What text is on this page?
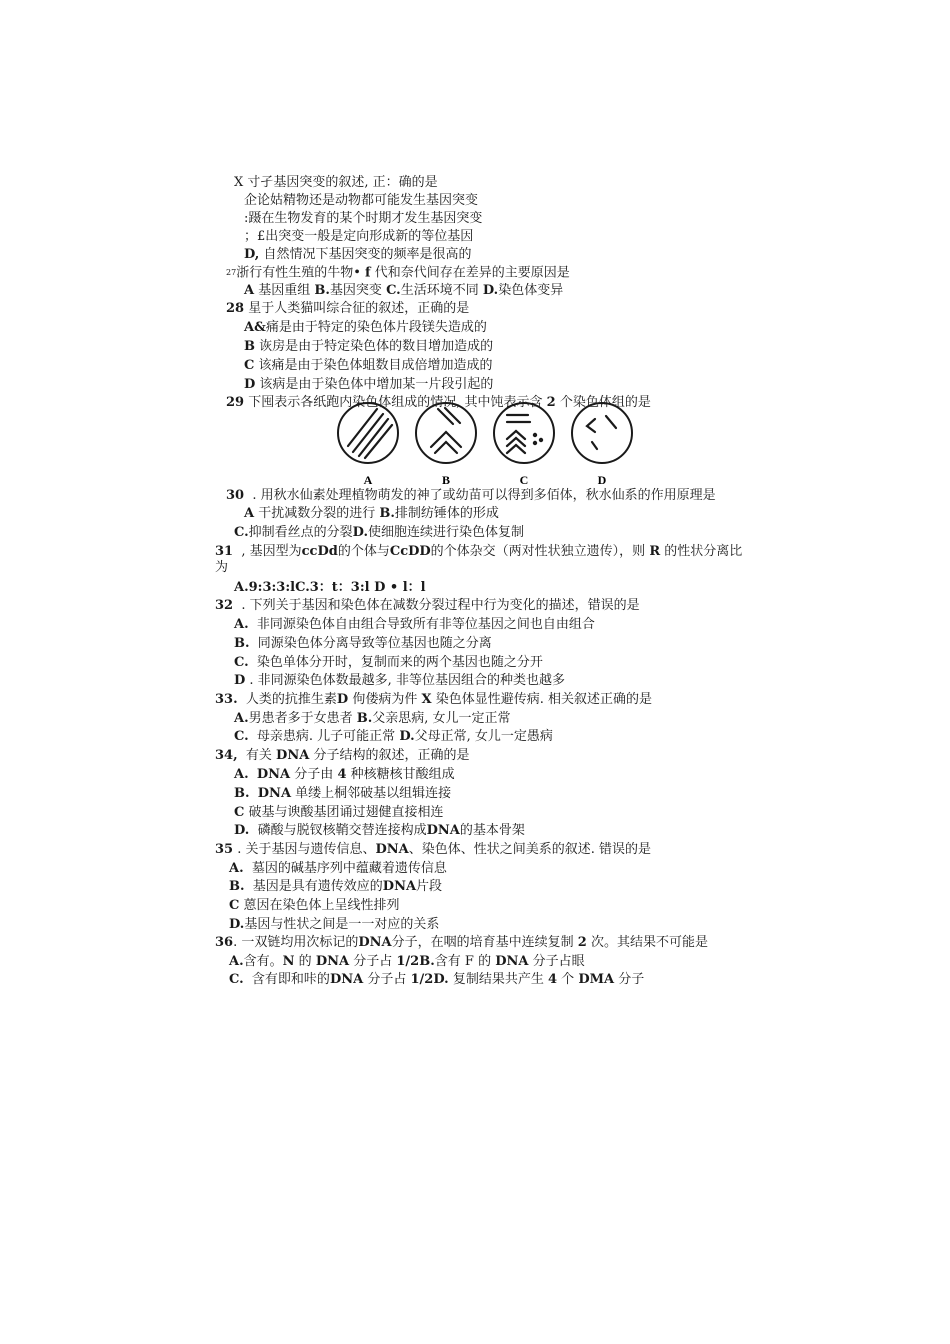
X 寸孑基因突变的叙述, 正：确的是
企论姑精物还是动物都可能发生基因突变
:蹑在生物发育的某个时期才发生基因突变
；£出突变一般是定向形成新的等位基因
D, 自然情况下基因突变的频率是很高的
27浙行有性生殖的牛物• f 代和奈代间存在差异的主要原因是
A 基因重组 B.基因突变 C.生活环境不同 D.染色体变异
28 星于人类猫叫综合征的叙述，正确的是
A&痛是由于特定的染色体片段镁失造成的
B 诙房是由于特定染色体的数目增加造成的
C 该痛是由于染色体蛆数目成倍增加造成的
D 该病是由于染色体中增加某一片段引起的
29 下囤表示各纸跑内染色体组成的情况, 其中饨表示含 2 个染色体组的是
A	B	C	D
30 . 用秋水仙素处理植物萌发的神了或幼苗可以得到多佰体，秋水仙系的作用原理是
A 干扰减数分裂的进行 B.排制纺锤体的形成
C.抑制看丝点的分裂D.使细胞连续进行染色体复制
31 , 基因型为ccDd的个体与CcDD的个体杂交（两对性状独立遗传），则 R 的性状分离比
为
A.9:3:3:lC.3：t：3:l D • l：l
32 . 下列关于基因和染色体在减数分裂过程中行为变化的描述，错误的是
A. 非同源染色体自由组合导致所有非等位基因之间也自由组合
B. 同源染色体分离导致等位基因也随之分离
C. 染色单体分开时，复制而来的两个基因也随之分开
D . 非同源染色体数最越多, 非等位基因组合的种类也越多
33. 人类的抗推生素D 佝偻病为件 X 染色体显性避传病. 相关叙述正确的是
A.男患者多于女患者 B.父亲思病, 女儿一定正常
C. 母亲患病. 儿子可能正常 D.父母正常, 女儿一定愚病
34, 有关 DNA 分子结构的叙述，正确的是
A. DNA 分子由 4 种核糖核甘酸组成
B. DNA 单缕上桐邻破基以组辑连接
C 破基与谀酸基团诵过翅健直接相连
D. 磷酸与脱钗核鞘交替连接构成DNA的基本骨架
35 . 关于基因与遗传信息、DNA、染色体、性状之间美系的叙述. 错误的是
A. 墓因的碱基序列中蕴藏着遗传信息
B. 基因是具有遗传效应的DNA片段
C 蒽因在染色体上呈线性排列
D.基因与性状之间是一一对应的关系
36. 一双链均用次标记的DNA分子，在咽的培育基中连续复制 2 次。其结果不可能是
A.含有。N 的 DNA 分子占 1/2B.含有 F 的 DNA 分子占眼
C. 含有即和咔的DNA 分子占 1/2D. 复制结果共产生 4 个 DMA 分子
